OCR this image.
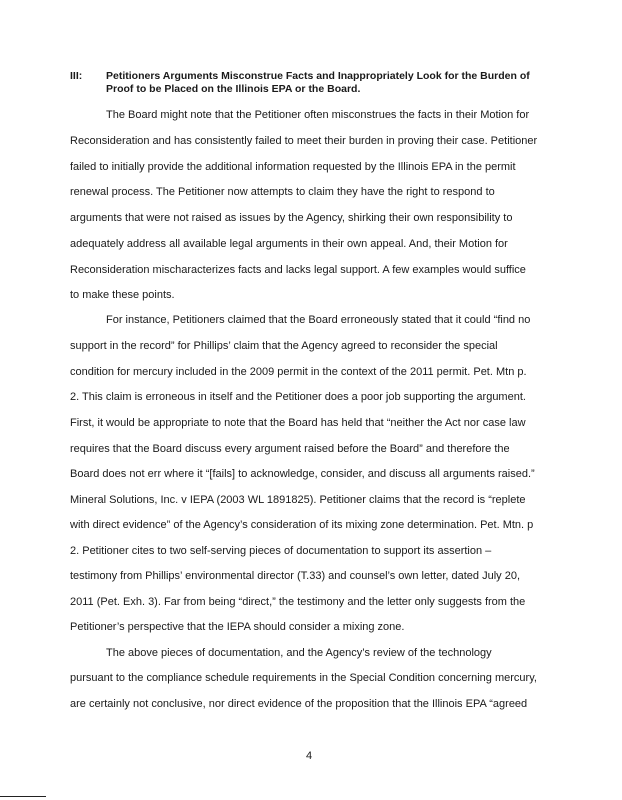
III: Petitioners Arguments Misconstrue Facts and Inappropriately Look for the Burden of Proof to be Placed on the Illinois EPA or the Board.
The Board might note that the Petitioner often misconstrues the facts in their Motion for
Reconsideration and has consistently failed to meet their burden in proving their case. Petitioner
failed to initially provide the additional information requested by the Illinois EPA in the permit
renewal process. The Petitioner now attempts to claim they have the right to respond to
arguments that were not raised as issues by the Agency, shirking their own responsibility to
adequately address all available legal arguments in their own appeal. And, their Motion for
Reconsideration mischaracterizes facts and lacks legal support. A few examples would suffice
to make these points.
For instance, Petitioners claimed that the Board erroneously stated that it could “find no
support in the record” for Phillips’ claim that the Agency agreed to reconsider the special
condition for mercury included in the 2009 permit in the context of the 2011 permit. Pet. Mtn p.
2. This claim is erroneous in itself and the Petitioner does a poor job supporting the argument.
First, it would be appropriate to note that the Board has held that “neither the Act nor case law
requires that the Board discuss every argument raised before the Board” and therefore the
Board does not err where it “[fails] to acknowledge, consider, and discuss all arguments raised.”
Mineral Solutions, Inc. v IEPA (2003 WL 1891825). Petitioner claims that the record is “replete
with direct evidence” of the Agency’s consideration of its mixing zone determination. Pet. Mtn. p
2. Petitioner cites to two self-serving pieces of documentation to support its assertion –
testimony from Phillips’ environmental director (T.33) and counsel’s own letter, dated July 20,
2011 (Pet. Exh. 3). Far from being “direct,” the testimony and the letter only suggests from the
Petitioner’s perspective that the IEPA should consider a mixing zone.
The above pieces of documentation, and the Agency’s review of the technology
pursuant to the compliance schedule requirements in the Special Condition concerning mercury,
are certainly not conclusive, nor direct evidence of the proposition that the Illinois EPA “agreed
4
